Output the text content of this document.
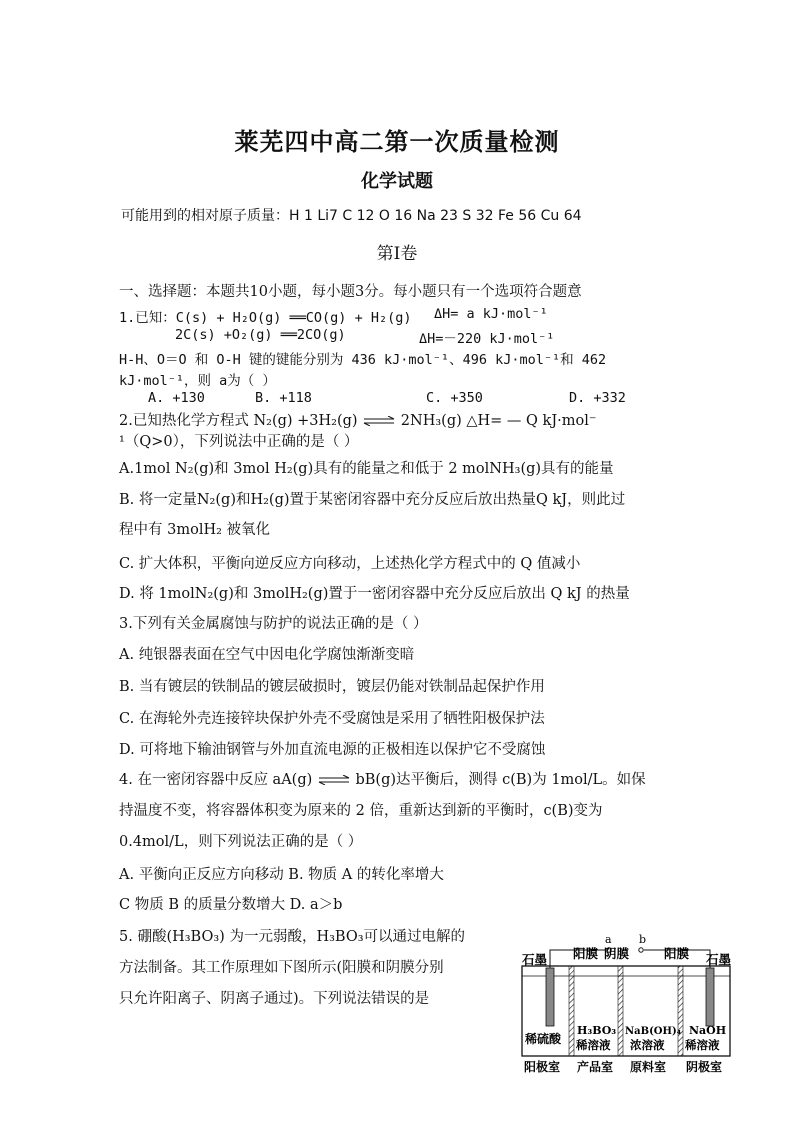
莱芜四中高二第一次质量检测
化学试题
可能用到的相对原子质量：H 1 Li7 C 12 O 16 Na 23 S 32 Fe 56 Cu 64
第Ⅰ卷
一、选择题：本题共10小题，每小题3分。每小题只有一个选项符合题意
1.已知：C(s) + H₂O(g) ══CO(g) + H₂(g) ΔH= a kJ·mol⁻¹
2C(s) +O₂(g) ══2CO(g)	ΔH=－220 kJ·mol⁻¹
H-H、O＝O 和 O-H 键的键能分别为 436 kJ·mol⁻¹、496 kJ·mol⁻¹和 462
kJ·mol⁻¹，则 a为（ ）
A. +130	B. +118	C. +350	D. +332
2.已知热化学方程式 N₂(g) +3H₂(g) ⇌ 2NH₃(g) △H= — Q kJ·mol⁻
¹（Q>0），下列说法中正确的是（ ）
A.1mol N₂(g)和 3mol H₂(g)具有的能量之和低于 2 molNH₃(g)具有的能量
B. 将一定量N₂(g)和H₂(g)置于某密闭容器中充分反应后放出热量Q kJ，则此过
程中有 3molH₂ 被氧化
C. 扩大体积，平衡向逆反应方向移动，上述热化学方程式中的 Q 值减小
D. 将 1molN₂(g)和 3molH₂(g)置于一密闭容器中充分反应后放出 Q kJ 的热量
3.下列有关金属腐蚀与防护的说法正确的是（ ）
A. 纯银器表面在空气中因电化学腐蚀渐渐变暗
B. 当有镀层的铁制品的镀层破损时，镀层仍能对铁制品起保护作用
C. 在海轮外壳连接锌块保护外壳不受腐蚀是采用了牺牲阳极保护法
D. 可将地下输油钢管与外加直流电源的正极相连以保护它不受腐蚀
4. 在一密闭容器中反应 aA(g) ⇌ bB(g)达平衡后，测得 c(B)为 1mol/L。如保
持温度不变，将容器体积变为原来的 2 倍，重新达到新的平衡时，c(B)变为
0.4mol/L，则下列说法正确的是（ ）
A. 平衡向正反应方向移动 B. 物质 A 的转化率增大
C 物质 B 的质量分数增大 D. a＞b
5. 硼酸(H₃BO₃) 为一元弱酸，H₃BO₃可以通过电解的
方法制备。其工作原理如下图所示(阳膜和阴膜分别
只允许阳离子、阴离子通过)。下列说法错误的是
a b
石墨	石墨
阳膜 阴膜	阳膜
稀硫酸
H₃BO₃
稀溶液
NaB(OH)₄
浓溶液
NaOH
稀溶液
阳极室 产品室 原料室 阴极室
